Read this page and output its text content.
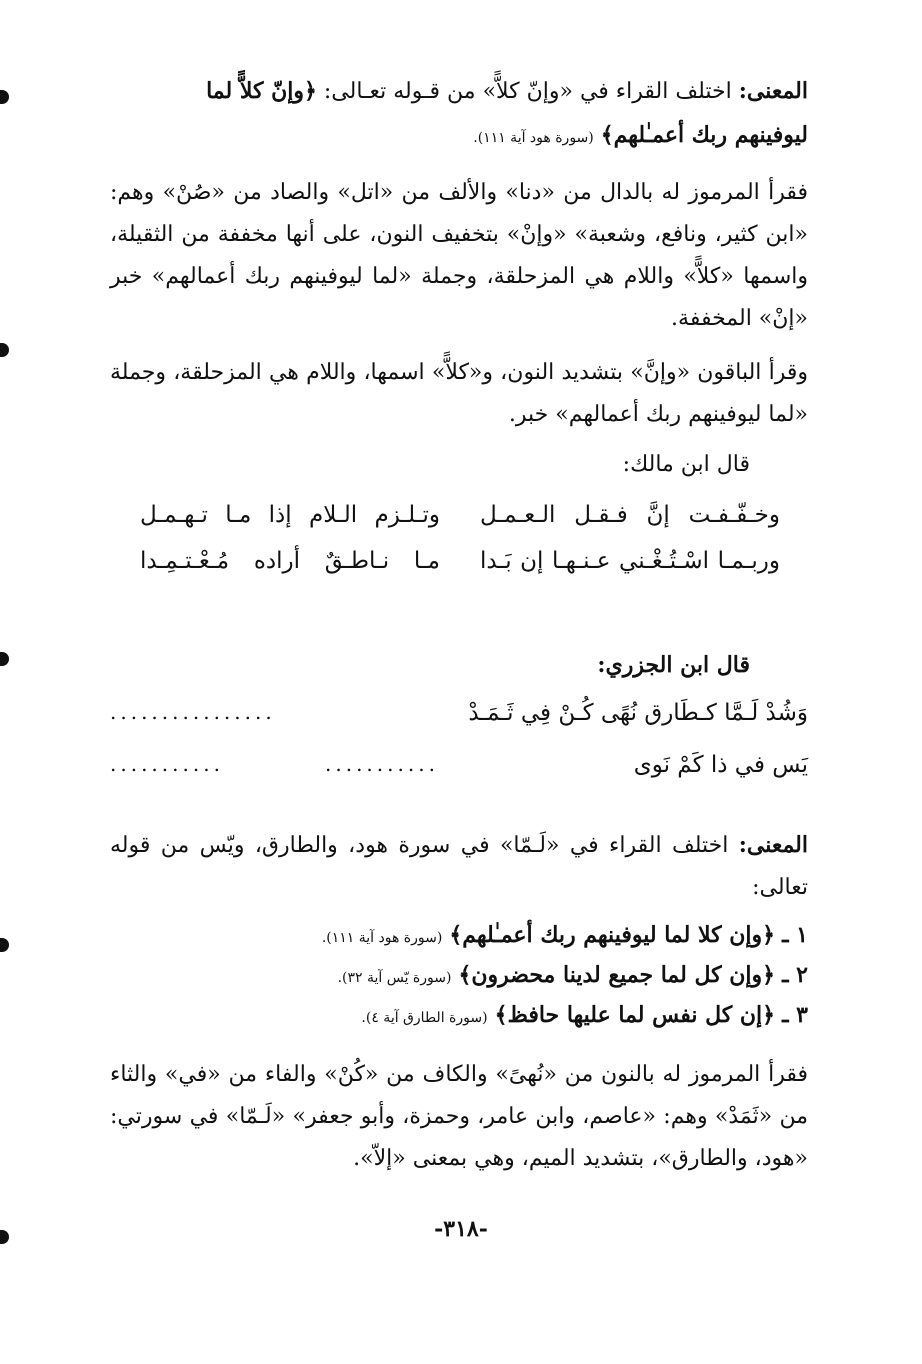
المعنى: اختلف القراء في «وإنّ كلاًّ» من قـوله تعـالى: ﴿وإنّ كلاًّ لما
ليوفينهم ربك أعمـٰلهم﴾ (سورة هود آية ١١١).
فقرأ المرموز له بالدال من «دنا» والألف من «اتل» والصاد من «صُنْ» وهم: «ابن كثير، ونافع، وشعبة» «وإنْ» بتخفيف النون، على أنها مخففة من الثقيلة، واسمها «كلاًّ» واللام هي المزحلقة، وجملة «لما ليوفينهم ربك أعمالهم» خبر «إنْ» المخففة.
وقرأ الباقون «وإنَّ» بتشديد النون، و«كلاًّ» اسمها، واللام هي المزحلقة، وجملة «لما ليوفينهم ربك أعمالهم» خبر.
قال ابن مالك:
وخـفّـفـت إنَّ فـقـل الـعـمـل
وتـلـزم الـلام إذا مـا تـهـمـل
وربـمـا اسْـتُـغْـني عـنـهـا إن بَـدا
مـا نـاطـقٌ أراده مُـعْـتـمِـدا
قال ابن الجزري:
وَشُدْ لَـمَّا كـطَارق نُهًى كُـنْ فِي ثَـمَـدْ
................
يَس في ذا كَمْ نَوى
...........
...........
المعنى: اختلف القراء في «لَـمّا» في سورة هود، والطارق، ويّس من قوله تعالى:
١ ـ ﴿وإن كلا لما ليوفينهم ربك أعمـٰلهم﴾ (سورة هود آية ١١١).
٢ ـ ﴿وإن كل لما جميع لدينا محضرون﴾ (سورة يّس آية ٣٢).
٣ ـ ﴿إن كل نفس لما عليها حافظ﴾ (سورة الطارق آية ٤).
فقرأ المرموز له بالنون من «نُهىً» والكاف من «كُنْ» والفاء من «في» والثاء من «ثَمَدْ» وهم: «عاصم، وابن عامر، وحمزة، وأبو جعفر» «لَـمّا» في سورتي: «هود، والطارق»، بتشديد الميم، وهي بمعنى «إلاّ».
-٣١٨-
